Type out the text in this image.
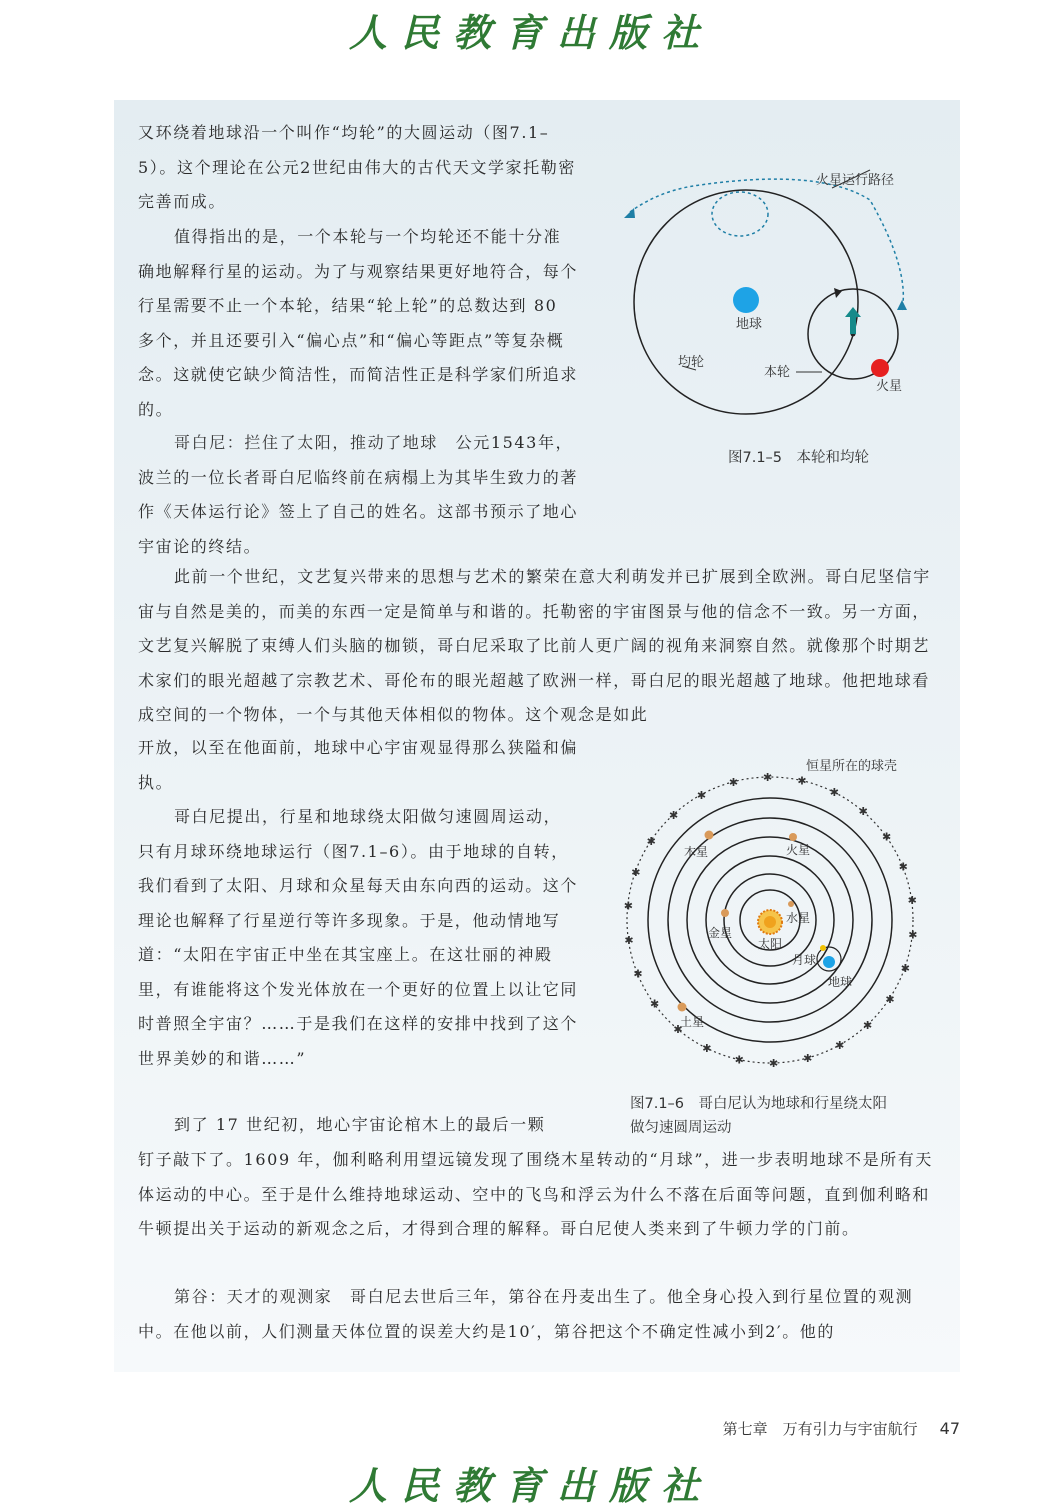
人民教育出版社

又环绕着地球沿一个叫作“均轮”的大圆运动（图7.1–5）。这个理论在公元2世纪由伟大的古代天文学家托勒密完善而成。

值得指出的是，一个本轮与一个均轮还不能十分准确地解释行星的运动。为了与观察结果更好地符合，每个行星需要不止一个本轮，结果“轮上轮”的总数达到 80 多个，并且还要引入“偏心点”和“偏心等距点”等复杂概念。这就使它缺少简洁性，而简洁性正是科学家们所追求的。

哥白尼：拦住了太阳，推动了地球　 公元1543年，波兰的一位长者哥白尼临终前在病榻上为其毕生致力的著作《天体运行论》签上了自己的姓名。这部书预示了地心宇宙论的终结。

此前一个世纪，文艺复兴带来的思想与艺术的繁荣在意大利萌发并已扩展到全欧洲。哥白尼坚信宇宙与自然是美的，而美的东西一定是简单与和谐的。托勒密的宇宙图景与他的信念不一致。另一方面，文艺复兴解脱了束缚人们头脑的枷锁，哥白尼采取了比前人更广阔的视角来洞察自然。就像那个时期艺术家们的眼光超越了宗教艺术、哥伦布的眼光超越了欧洲一样，哥白尼的眼光超越了地球。他把地球看成空间的一个物体，一个与其他天体相似的物体。这个观念是如此

开放，以至在他面前，地球中心宇宙观显得那么狭隘和偏执。

哥白尼提出，行星和地球绕太阳做匀速圆周运动，只有月球环绕地球运行（图7.1–6）。由于地球的自转，我们看到了太阳、月球和众星每天由东向西的运动。这个理论也解释了行星逆行等许多现象。于是，他动情地写道：“太阳在宇宙正中坐在其宝座上。在这壮丽的神殿里，有谁能将这个发光体放在一个更好的位置上以让它同时普照全宇宙？……于是我们在这样的安排中找到了这个世界美妙的和谐……”

到了 17 世纪初，地心宇宙论棺木上的最后一颗

钉子敲下了。1609 年，伽利略利用望远镜发现了围绕木星转动的“月球”，进一步表明地球不是所有天体运动的中心。至于是什么维持地球运动、空中的飞鸟和浮云为什么不落在后面等问题，直到伽利略和牛顿提出关于运动的新观念之后，才得到合理的解释。哥白尼使人类来到了牛顿力学的门前。

第谷：天才的观测家　 哥白尼去世后三年，第谷在丹麦出生了。他全身心投入到行星位置的观测中。在他以前，人们测量天体位置的误差大约是10′，第谷把这个不确定性减小到2′。他的

火星运行路径
地球
均轮
本轮
火星
图7.1–5　本轮和均轮
✱
✱
✱
✱
✱
✱
✱
✱
✱
✱
✱
✱
✱
✱
✱
✱
✱
✱
✱ ✱ ✱
✱
✱
✱
✱
✱
恒星所在的球壳
木星	火星
金星
水星
太阳
月球
地球
土星
图7.1–6　哥白尼认为地球和行星绕太阳
做匀速圆周运动
第七章　万有引力与宇宙航行 47
人民教育出版社
